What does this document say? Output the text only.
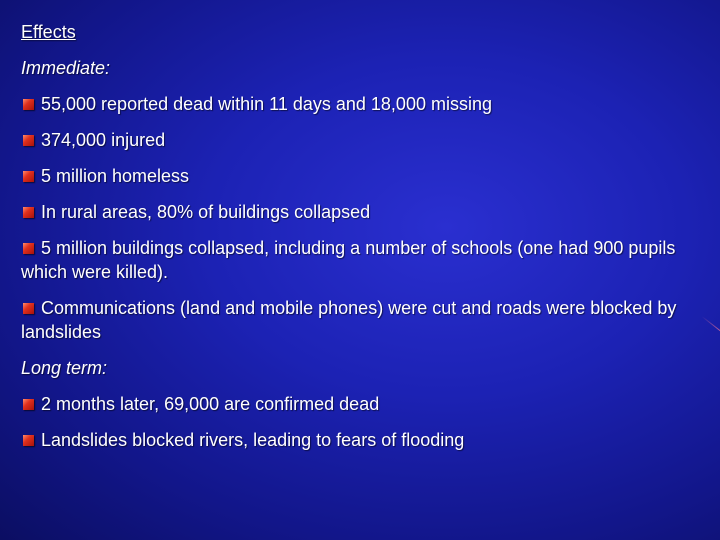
Effects

Immediate:

55,000 reported dead within 11 days and 18,000 missing

374,000 injured

5 million homeless

In rural areas, 80% of buildings collapsed

5 million buildings collapsed, including a number of schools (one had 900 pupils which were killed).

Communications (land and mobile phones) were cut and roads were blocked by landslides

Long term:

2 months later, 69,000 are confirmed dead

Landslides blocked rivers, leading to fears of flooding
